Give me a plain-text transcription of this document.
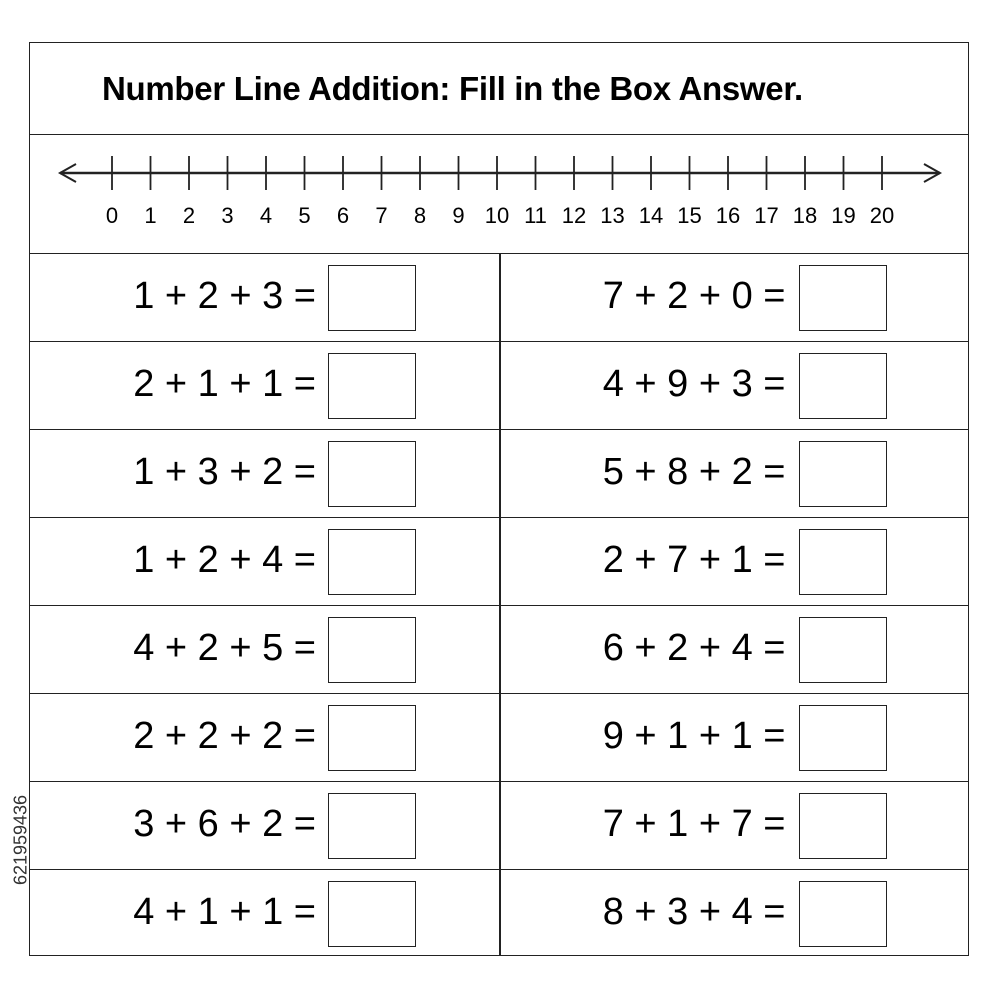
Number Line Addition: Fill in the Box Answer.
0 1 2 3 4 5 6 7 8 9 10 11 12 13 14 15 16 17 18 19 20
1 + 2 + 3 =	7 + 2 + 0 =
2 + 1 + 1 =	4 + 9 + 3 =
1 + 3 + 2 =	5 + 8 + 2 =
1 + 2 + 4 =	2 + 7 + 1 =
4 + 2 + 5 =	6 + 2 + 4 =
2 + 2 + 2 =	9 + 1 + 1 =
3 + 6 + 2 =	7 + 1 + 7 =
4 + 1 + 1 =	8 + 3 + 4 =
621959436
